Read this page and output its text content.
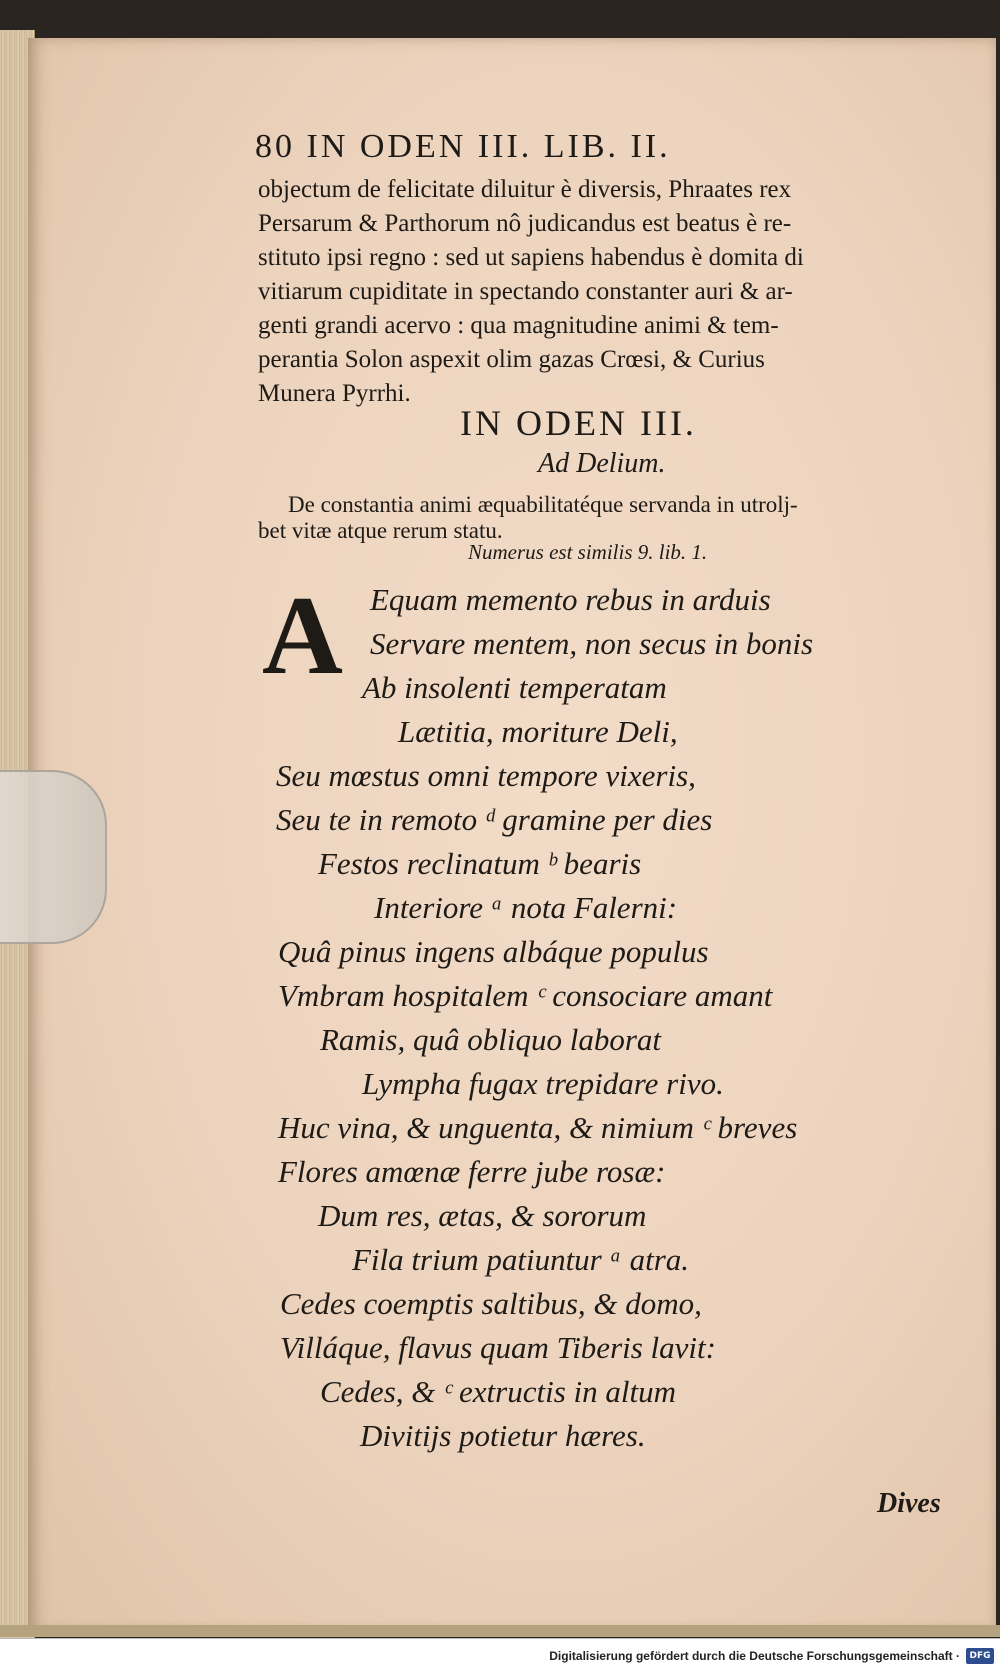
80 IN ODEN III. LIB. II.
objectum de felicitate diluitur è diversis, Phraates rex
Persarum & Parthorum nô judicandus est beatus è re-
stituto ipsi regno : sed ut sapiens habendus è domita di
vitiarum cupiditate in spectando constanter auri & ar-
genti grandi acervo : qua magnitudine animi & tem-
perantia Solon aspexit olim gazas Crœsi, & Curius
Munera Pyrrhi.
IN ODEN III.
Ad Delium.
De constantia animi æquabilitatéque servanda in utrolj-
bet vitæ atque rerum statu.
Numerus est similis 9. lib. 1.
A Equam memento rebus in arduis
Servare mentem, non secus in bonis
Ab insolenti temperatam
Lætitia, moriture Deli,
Seu mœstus omni tempore vixeris,
Seu te in remoto ᵈ gramine per dies
Festos reclinatum ᵇ bearis
Interiore ᵃ nota Falerni:
Quâ pinus ingens albáque populus
Vmbram hospitalem ᶜ consociare amant
Ramis, quâ obliquo laborat
Lympha fugax trepidare rivo.
Huc vina, & unguenta, & nimium ᶜ breves
Flores amœnæ ferre jube rosæ:
Dum res, ætas, & sororum
Fila trium patiuntur ᵃ atra.
Cedes coemptis saltibus, & domo,
Villáque, flavus quam Tiberis lavit:
Cedes, & ᶜ extructis in altum
Divitijs potietur hæres.
Dives
Digitalisierung gefördert durch die Deutsche Forschungsgemeinschaft ·	DFG
